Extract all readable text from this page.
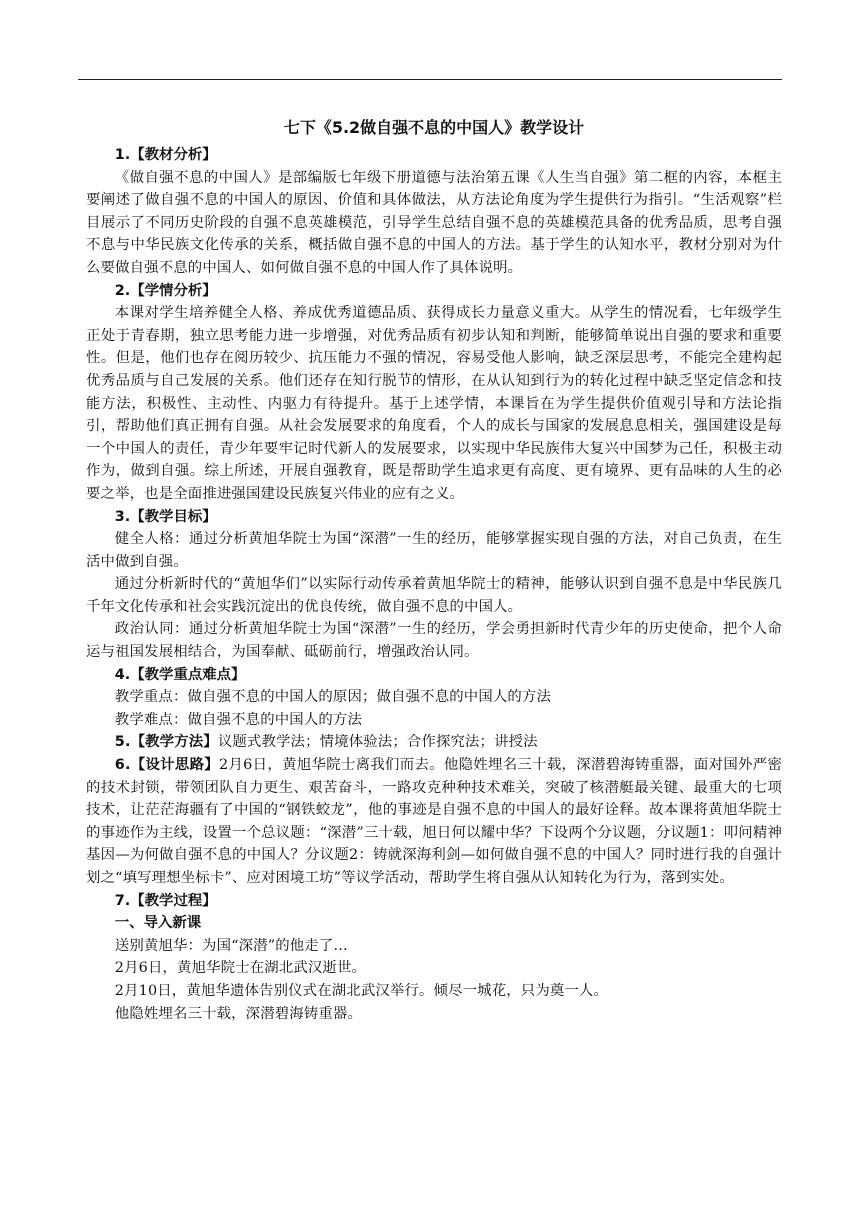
七下《5.2做自强不息的中国人》教学设计

1.【教材分析】

《做自强不息的中国人》是部编版七年级下册道德与法治第五课《人生当自强》第二框的内容，本框主要阐述了做自强不息的中国人的原因、价值和具体做法，从方法论角度为学生提供行为指引。“生活观察”栏目展示了不同历史阶段的自强不息英雄模范，引导学生总结自强不息的英雄模范具备的优秀品质，思考自强不息与中华民族文化传承的关系，概括做自强不息的中国人的方法。基于学生的认知水平，教材分别对为什么要做自强不息的中国人、如何做自强不息的中国人作了具体说明。

2.【学情分析】

本课对学生培养健全人格、养成优秀道德品质、获得成长力量意义重大。从学生的情况看，七年级学生正处于青春期，独立思考能力进一步增强，对优秀品质有初步认知和判断，能够简单说出自强的要求和重要性。但是，他们也存在阅历较少、抗压能力不强的情况，容易受他人影响，缺乏深层思考，不能完全建构起优秀品质与自己发展的关系。他们还存在知行脱节的情形，在从认知到行为的转化过程中缺乏坚定信念和技能方法，积极性、主动性、内驱力有待提升。基于上述学情，本课旨在为学生提供价值观引导和方法论指引，帮助他们真正拥有自强。从社会发展要求的角度看，个人的成长与国家的发展息息相关，强国建设是每一个中国人的责任，青少年要牢记时代新人的发展要求，以实现中华民族伟大复兴中国梦为己任，积极主动作为，做到自强。综上所述，开展自强教育，既是帮助学生追求更有高度、更有境界、更有品味的人生的必要之举，也是全面推进强国建设民族复兴伟业的应有之义。

3.【教学目标】

健全人格：通过分析黄旭华院士为国“深潜”一生的经历，能够掌握实现自强的方法，对自己负责，在生活中做到自强。

通过分析新时代的“黄旭华们”以实际行动传承着黄旭华院士的精神，能够认识到自强不息是中华民族几千年文化传承和社会实践沉淀出的优良传统，做自强不息的中国人。

政治认同：通过分析黄旭华院士为国“深潜”一生的经历，学会勇担新时代青少年的历史使命，把个人命运与祖国发展相结合，为国奉献、砥砺前行，增强政治认同。

4.【教学重点难点】

教学重点：做自强不息的中国人的原因；做自强不息的中国人的方法

教学难点：做自强不息的中国人的方法

5.【教学方法】议题式教学法；情境体验法；合作探究法；讲授法

6.【设计思路】2月6日，黄旭华院士离我们而去。他隐姓埋名三十载，深潜碧海铸重器，面对国外严密的技术封锁，带领团队自力更生、艰苦奋斗，一路攻克种种技术难关，突破了核潜艇最关键、最重大的七项技术，让茫茫海疆有了中国的“钢铁蛟龙”，他的事迹是自强不息的中国人的最好诠释。故本课将黄旭华院士的事迹作为主线，设置一个总议题：“深潜”三十载，旭日何以耀中华？下设两个分议题，分议题1：叩问精神基因—为何做自强不息的中国人？分议题2：铸就深海利剑—如何做自强不息的中国人？同时进行我的自强计划之“填写理想坐标卡”、应对困境工坊”等议学活动，帮助学生将自强从认知转化为行为，落到实处。

7.【教学过程】

一、导入新课

送别黄旭华：为国“深潜”的他走了…

2月6日，黄旭华院士在湖北武汉逝世。

2月10日，黄旭华遗体告别仪式在湖北武汉举行。倾尽一城花，只为奠一人。

他隐姓埋名三十载，深潜碧海铸重器。
